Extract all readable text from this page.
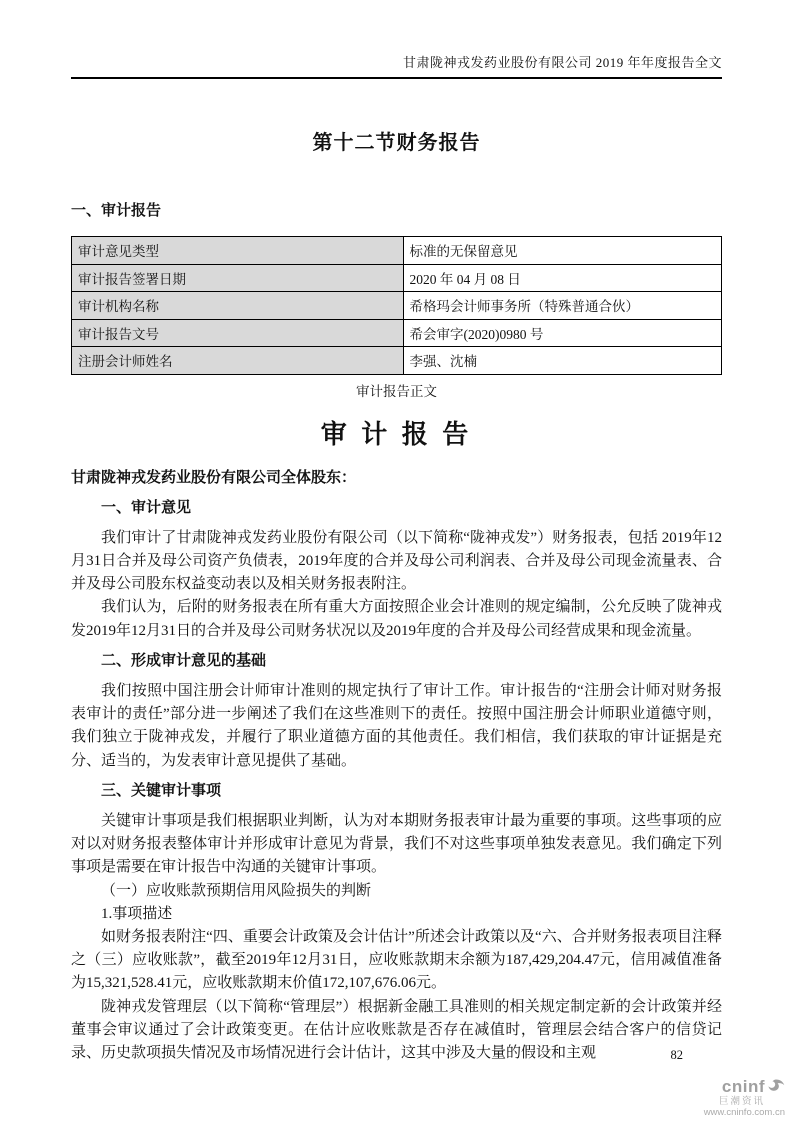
甘肃陇神戎发药业股份有限公司 2019 年年度报告全文
第十二节财务报告
一、审计报告
审计意见类型	标准的无保留意见
审计报告签署日期	2020 年 04 月 08 日
审计机构名称	希格玛会计师事务所（特殊普通合伙）
审计报告文号	希会审字(2020)0980 号
注册会计师姓名	李强、沈楠
审计报告正文
审 计 报 告
甘肃陇神戎发药业股份有限公司全体股东：

一、审计意见

我们审计了甘肃陇神戎发药业股份有限公司（以下简称“陇神戎发”）财务报表，包括 2019年12月31日合并及母公司资产负债表，2019年度的合并及母公司利润表、合并及母公司现金流量表、合并及母公司股东权益变动表以及相关财务报表附注。

我们认为，后附的财务报表在所有重大方面按照企业会计准则的规定编制，公允反映了陇神戎发2019年12月31日的合并及母公司财务状况以及2019年度的合并及母公司经营成果和现金流量。

二、形成审计意见的基础

我们按照中国注册会计师审计准则的规定执行了审计工作。审计报告的“注册会计师对财务报表审计的责任”部分进一步阐述了我们在这些准则下的责任。按照中国注册会计师职业道德守则，我们独立于陇神戎发，并履行了职业道德方面的其他责任。我们相信，我们获取的审计证据是充分、适当的，为发表审计意见提供了基础。

三、关键审计事项

关键审计事项是我们根据职业判断，认为对本期财务报表审计最为重要的事项。这些事项的应对以对财务报表整体审计并形成审计意见为背景，我们不对这些事项单独发表意见。我们确定下列事项是需要在审计报告中沟通的关键审计事项。

（一）应收账款预期信用风险损失的判断

1.事项描述

如财务报表附注“四、重要会计政策及会计估计”所述会计政策以及“六、合并财务报表项目注释之（三）应收账款”，截至2019年12月31日，应收账款期末余额为187,429,204.47元，信用减值准备为15,321,528.41元，应收账款期末价值172,107,676.06元。

陇神戎发管理层（以下简称“管理层”）根据新金融工具准则的相关规定制定新的会计政策并经董事会审议通过了会计政策变更。在估计应收账款是否存在减值时，管理层会结合客户的信贷记录、历史款项损失情况及市场情况进行会计估计，这其中涉及大量的假设和主观	82
cninf
巨潮资讯
www.cninfo.com.cn
